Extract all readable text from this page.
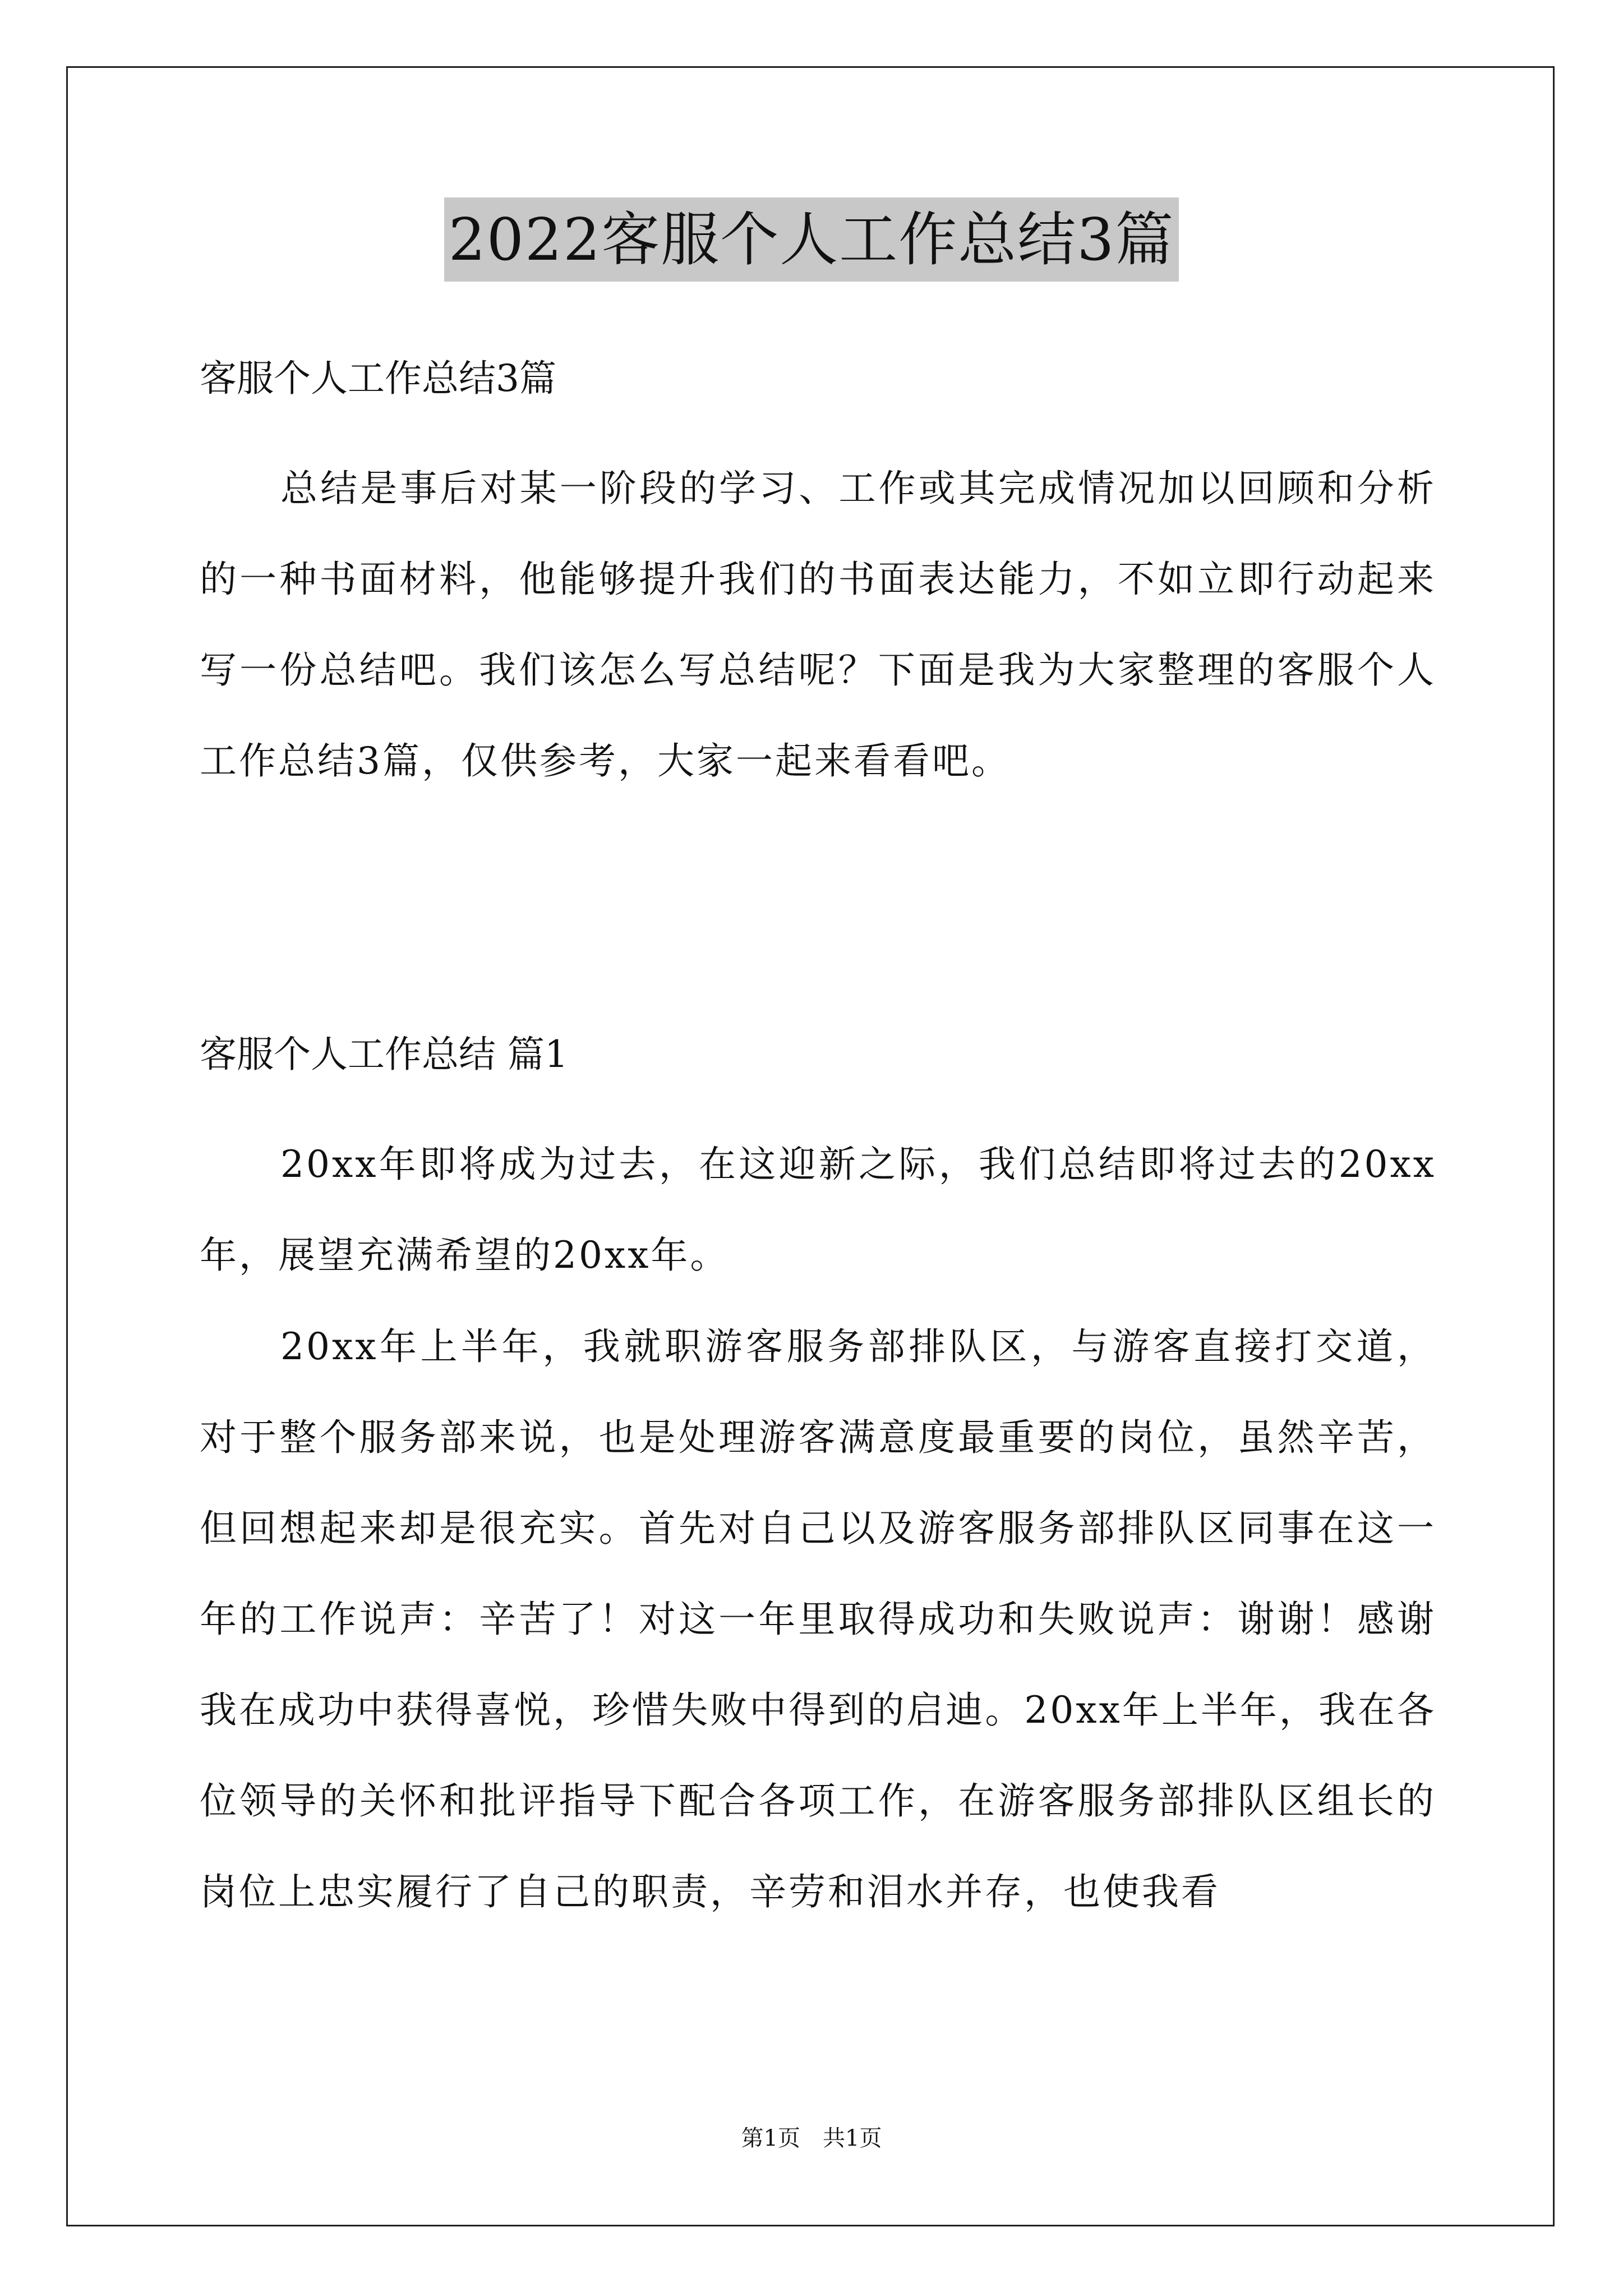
2022客服个人工作总结3篇
客服个人工作总结3篇

总结是事后对某一阶段的学习、工作或其完成情况加以回顾和分析的一种书面材料，他能够提升我们的书面表达能力，不如立即行动起来写一份总结吧。我们该怎么写总结呢？下面是我为大家整理的客服个人工作总结3篇，仅供参考，大家一起来看看吧。

客服个人工作总结 篇1

20xx年即将成为过去，在这迎新之际，我们总结即将过去的20xx年，展望充满希望的20xx年。

20xx年上半年，我就职游客服务部排队区，与游客直接打交道，对于整个服务部来说，也是处理游客满意度最重要的岗位，虽然辛苦，但回想起来却是很充实。首先对自己以及游客服务部排队区同事在这一年的工作说声：辛苦了！对这一年里取得成功和失败说声：谢谢！感谢我在成功中获得喜悦，珍惜失败中得到的启迪。20xx年上半年，我在各位领导的关怀和批评指导下配合各项工作，在游客服务部排队区组长的岗位上忠实履行了自己的职责，辛劳和泪水并存，也使我看

第1页　共1页
